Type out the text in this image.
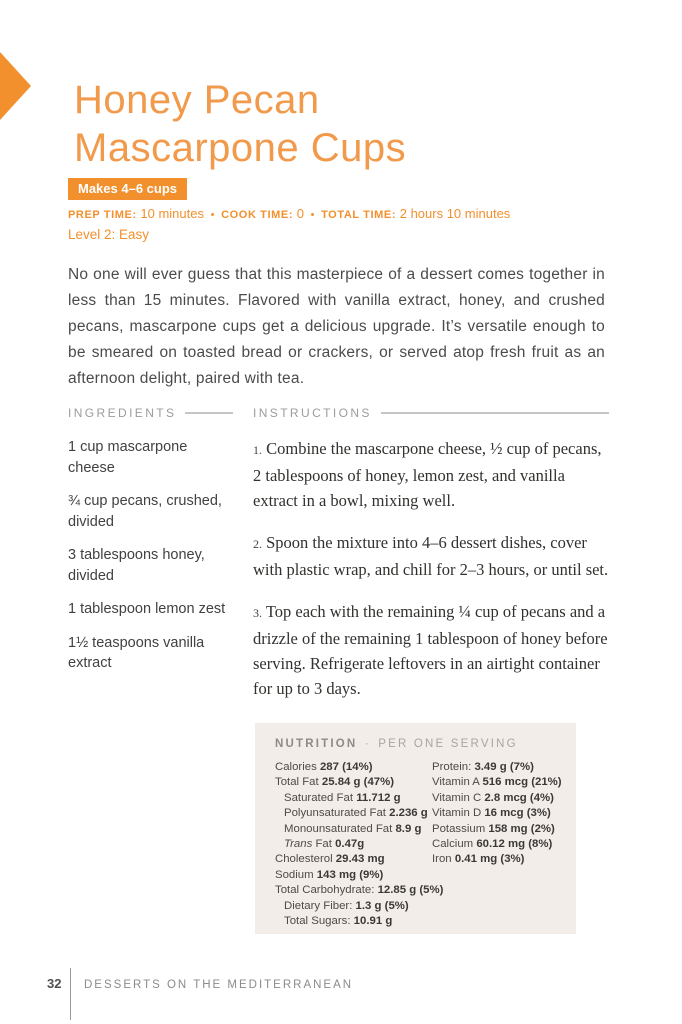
Honey Pecan
Mascarpone Cups
Makes 4–6 cups
PREP TIME: 10 minutes • COOK TIME: 0 • TOTAL TIME: 2 hours 10 minutes
Level 2: Easy

No one will ever guess that this masterpiece of a dessert comes together in less than 15 minutes. Flavored with vanilla extract, honey, and crushed pecans, mascarpone cups get a delicious upgrade. It’s versatile enough to be smeared on toasted bread or crackers, or served atop fresh fruit as an afternoon delight, paired with tea.

INGREDIENTS
1 cup mascarpone cheese
¾ cup pecans, crushed, divided
3 tablespoons honey, divided
1 tablespoon lemon zest
1½ teaspoons vanilla extract
INSTRUCTIONS

1. Combine the mascarpone cheese, ½ cup of pecans, 2 tablespoons of honey, lemon zest, and vanilla extract in a bowl, mixing well.

2. Spoon the mixture into 4–6 dessert dishes, cover with plastic wrap, and chill for 2–3 hours, or until set.

3. Top each with the remaining ¼ cup of pecans and a drizzle of the remaining 1 tablespoon of honey before serving. Refrigerate leftovers in an airtight container for up to 3 days.

NUTRITION · PER ONE SERVING
Calories 287 (14%)
Total Fat 25.84 g (47%)
Saturated Fat 11.712 g
Polyunsaturated Fat 2.236 g
Monounsaturated Fat 8.9 g
Trans Fat 0.47g
Cholesterol 29.43 mg
Sodium 143 mg (9%)
Total Carbohydrate: 12.85 g (5%)
Dietary Fiber: 1.3 g (5%)
Total Sugars: 10.91 g
Protein: 3.49 g (7%)
Vitamin A 516 mcg (21%)
Vitamin C 2.8 mcg (4%)
Vitamin D 16 mcg (3%)
Potassium 158 mg (2%)
Calcium 60.12 mg (8%)
Iron 0.41 mg (3%)
32 DESSERTS ON THE MEDITERRANEAN
